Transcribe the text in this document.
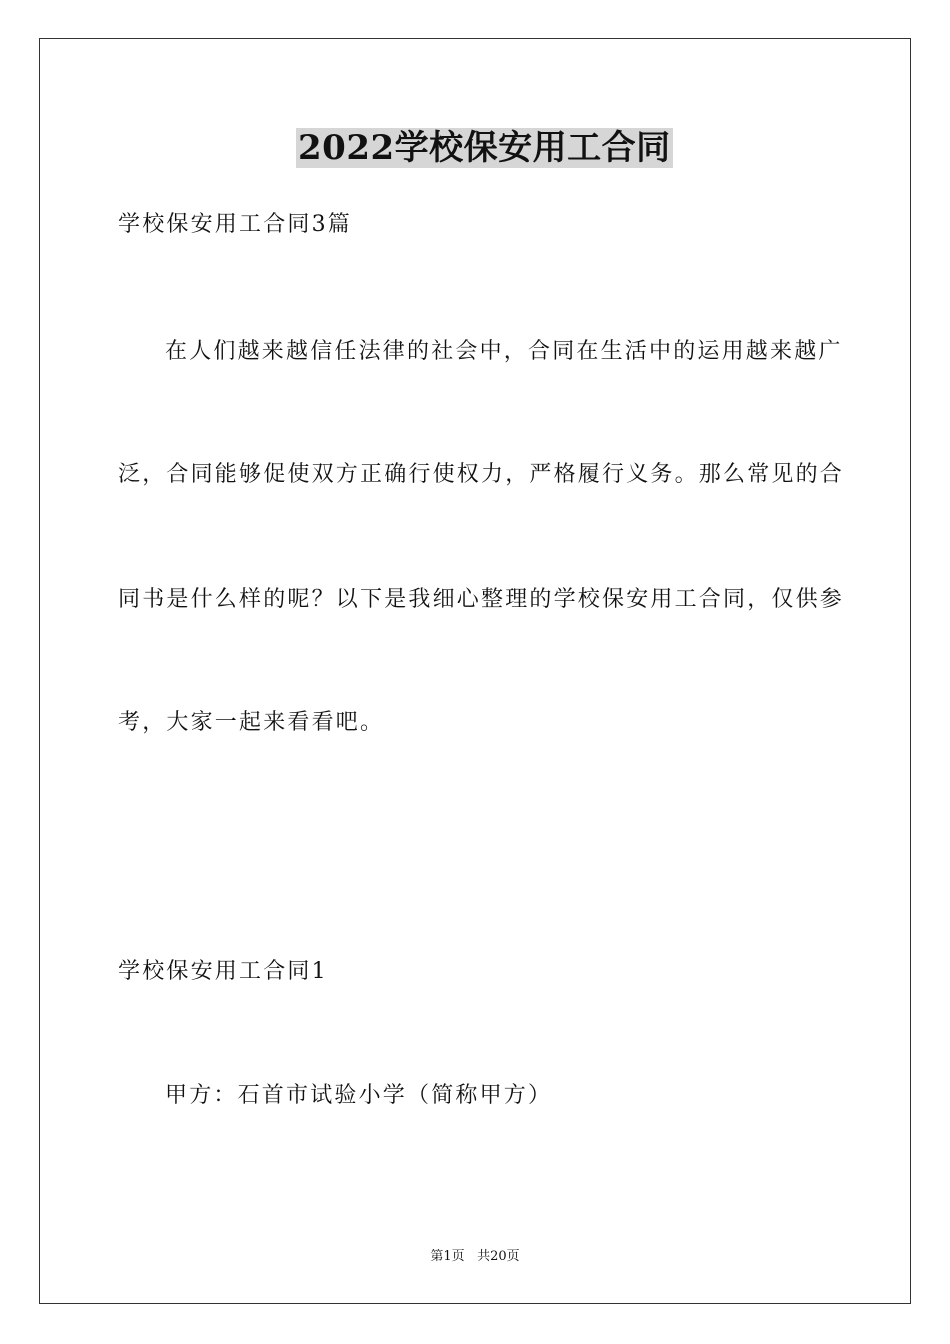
2022学校保安用工合同
学校保安用工合同3篇
在人们越来越信任法律的社会中，合同在生活中的运用越来越广
泛，合同能够促使双方正确行使权力，严格履行义务。那么常见的合
同书是什么样的呢？以下是我细心整理的学校保安用工合同，仅供参
考，大家一起来看看吧。
学校保安用工合同1
甲方：石首市试验小学（简称甲方）
第1页 共20页
